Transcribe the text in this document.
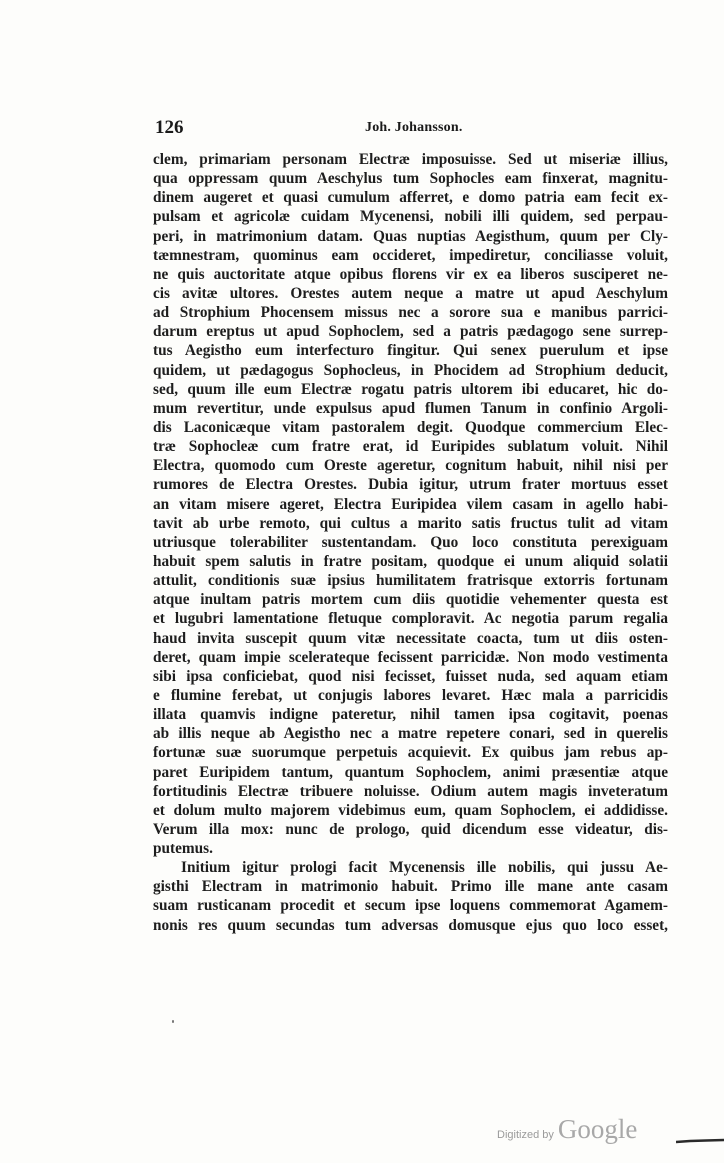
126	Joh. Johansson.
clem, primariam personam Electræ imposuisse. Sed ut miseriæ illius,
qua oppressam quum Aeschylus tum Sophocles eam finxerat, magnitu-
dinem augeret et quasi cumulum afferret, e domo patria eam fecit ex-
pulsam et agricolæ cuidam Mycenensi, nobili illi quidem, sed perpau-
peri, in matrimonium datam. Quas nuptias Aegisthum, quum per Cly-
tæmnestram, quominus eam occideret, impediretur, conciliasse voluit,
ne quis auctoritate atque opibus florens vir ex ea liberos susciperet ne-
cis avitæ ultores. Orestes autem neque a matre ut apud Aeschylum
ad Strophium Phocensem missus nec a sorore sua e manibus parrici-
darum ereptus ut apud Sophoclem, sed a patris pædagogo sene surrep-
tus Aegistho eum interfecturo fingitur. Qui senex puerulum et ipse
quidem, ut pædagogus Sophocleus, in Phocidem ad Strophium deducit,
sed, quum ille eum Electræ rogatu patris ultorem ibi educaret, hic do-
mum revertitur, unde expulsus apud flumen Tanum in confinio Argoli-
dis Laconicæque vitam pastoralem degit. Quodque commercium Elec-
træ Sophocleæ cum fratre erat, id Euripides sublatum voluit. Nihil
Electra, quomodo cum Oreste ageretur, cognitum habuit, nihil nisi per
rumores de Electra Orestes. Dubia igitur, utrum frater mortuus esset
an vitam misere ageret, Electra Euripidea vilem casam in agello habi-
tavit ab urbe remoto, qui cultus a marito satis fructus tulit ad vitam
utriusque tolerabiliter sustentandam. Quo loco constituta perexiguam
habuit spem salutis in fratre positam, quodque ei unum aliquid solatii
attulit, conditionis suæ ipsius humilitatem fratrisque extorris fortunam
atque inultam patris mortem cum diis quotidie vehementer questa est
et lugubri lamentatione fletuque comploravit. Ac negotia parum regalia
haud invita suscepit quum vitæ necessitate coacta, tum ut diis osten-
deret, quam impie scelerateque fecissent parricidæ. Non modo vestimenta
sibi ipsa conficiebat, quod nisi fecisset, fuisset nuda, sed aquam etiam
e flumine ferebat, ut conjugis labores levaret. Hæc mala a parricidis
illata quamvis indigne pateretur, nihil tamen ipsa cogitavit, poenas
ab illis neque ab Aegistho nec a matre repetere conari, sed in querelis
fortunæ suæ suorumque perpetuis acquievit. Ex quibus jam rebus ap-
paret Euripidem tantum, quantum Sophoclem, animi præsentiæ atque
fortitudinis Electræ tribuere noluisse. Odium autem magis inveteratum
et dolum multo majorem videbimus eum, quam Sophoclem, ei addidisse.
Verum illa mox: nunc de prologo, quid dicendum esse videatur, dis-
putemus.
Initium igitur prologi facit Mycenensis ille nobilis, qui jussu Ae-
gisthi Electram in matrimonio habuit. Primo ille mane ante casam
suam rusticanam procedit et secum ipse loquens commemorat Agamem-
nonis res quum secundas tum adversas domusque ejus quo loco esset,
Digitized by Google
